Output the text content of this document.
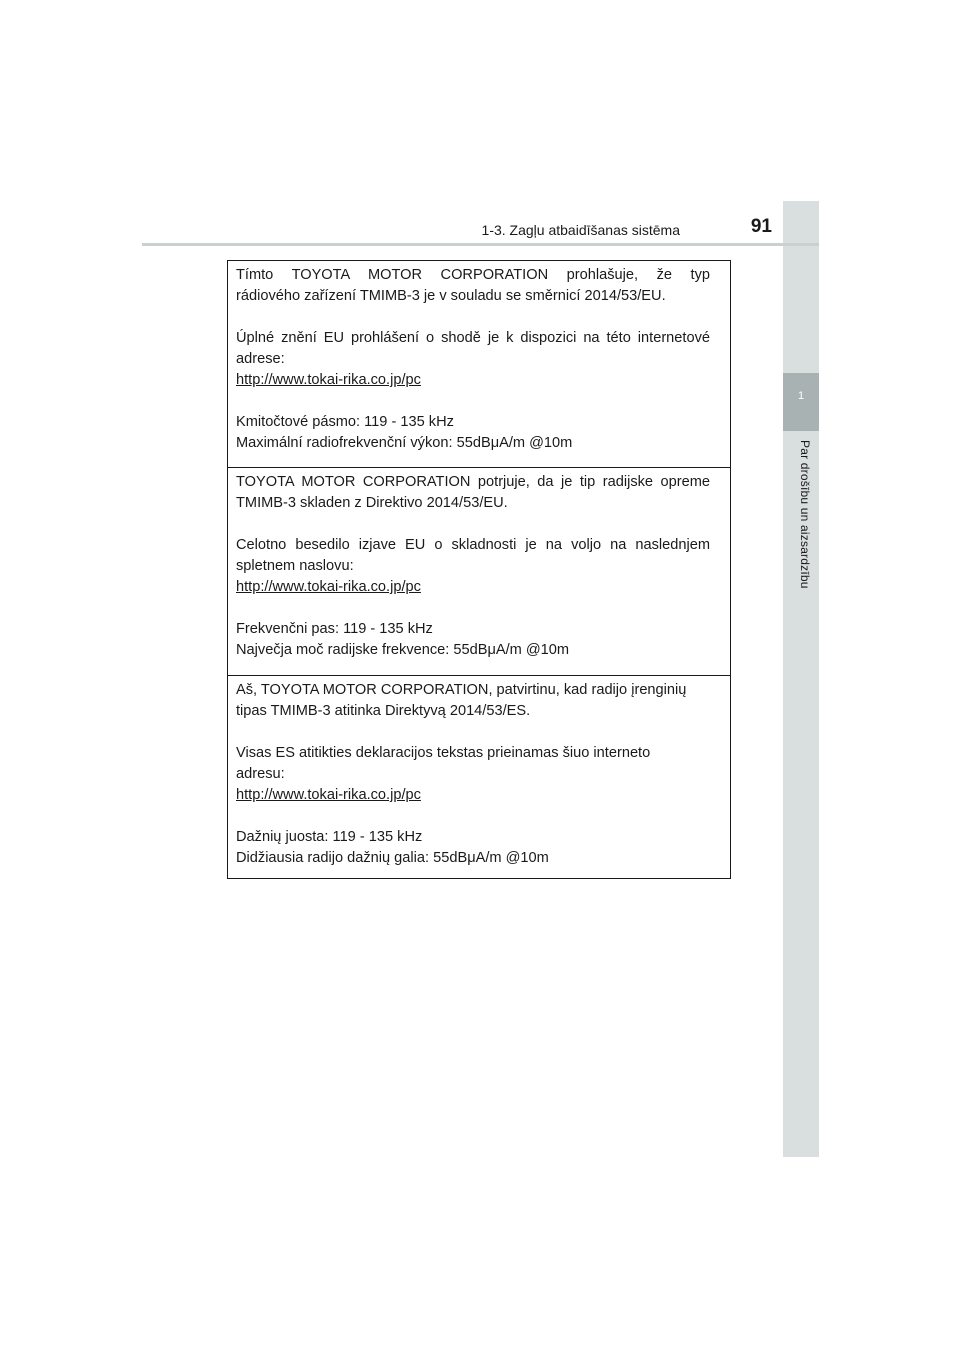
1
Par drošību un aizsardzību
1-3. Zagļu atbaidīšanas sistēma	91

Tímto TOYOTA MOTOR CORPORATION prohlašuje, že typ

rádiového zařízení TMIMB-3 je v souladu se směrnicí 2014/53/EU.

Úplné znění EU prohlášení o shodě je k dispozici na této internetové

adrese:

http://www.tokai-rika.co.jp/pc

Kmitočtové pásmo: 119 - 135 kHz

Maximální radiofrekvenční výkon: 55dBμA/m @10m

TOYOTA MOTOR CORPORATION potrjuje, da je tip radijske opreme

TMIMB-3 skladen z Direktivo 2014/53/EU.

Celotno besedilo izjave EU o skladnosti je na voljo na naslednjem

spletnem naslovu:

http://www.tokai-rika.co.jp/pc

Frekvenčni pas: 119 - 135 kHz

Največja moč radijske frekvence: 55dBμA/m @10m

Aš, TOYOTA MOTOR CORPORATION, patvirtinu, kad radijo įrenginių

tipas TMIMB-3 atitinka Direktyvą 2014/53/ES.

Visas ES atitikties deklaracijos tekstas prieinamas šiuo interneto

adresu:

http://www.tokai-rika.co.jp/pc

Dažnių juosta: 119 - 135 kHz

Didžiausia radijo dažnių galia: 55dBμA/m @10m
